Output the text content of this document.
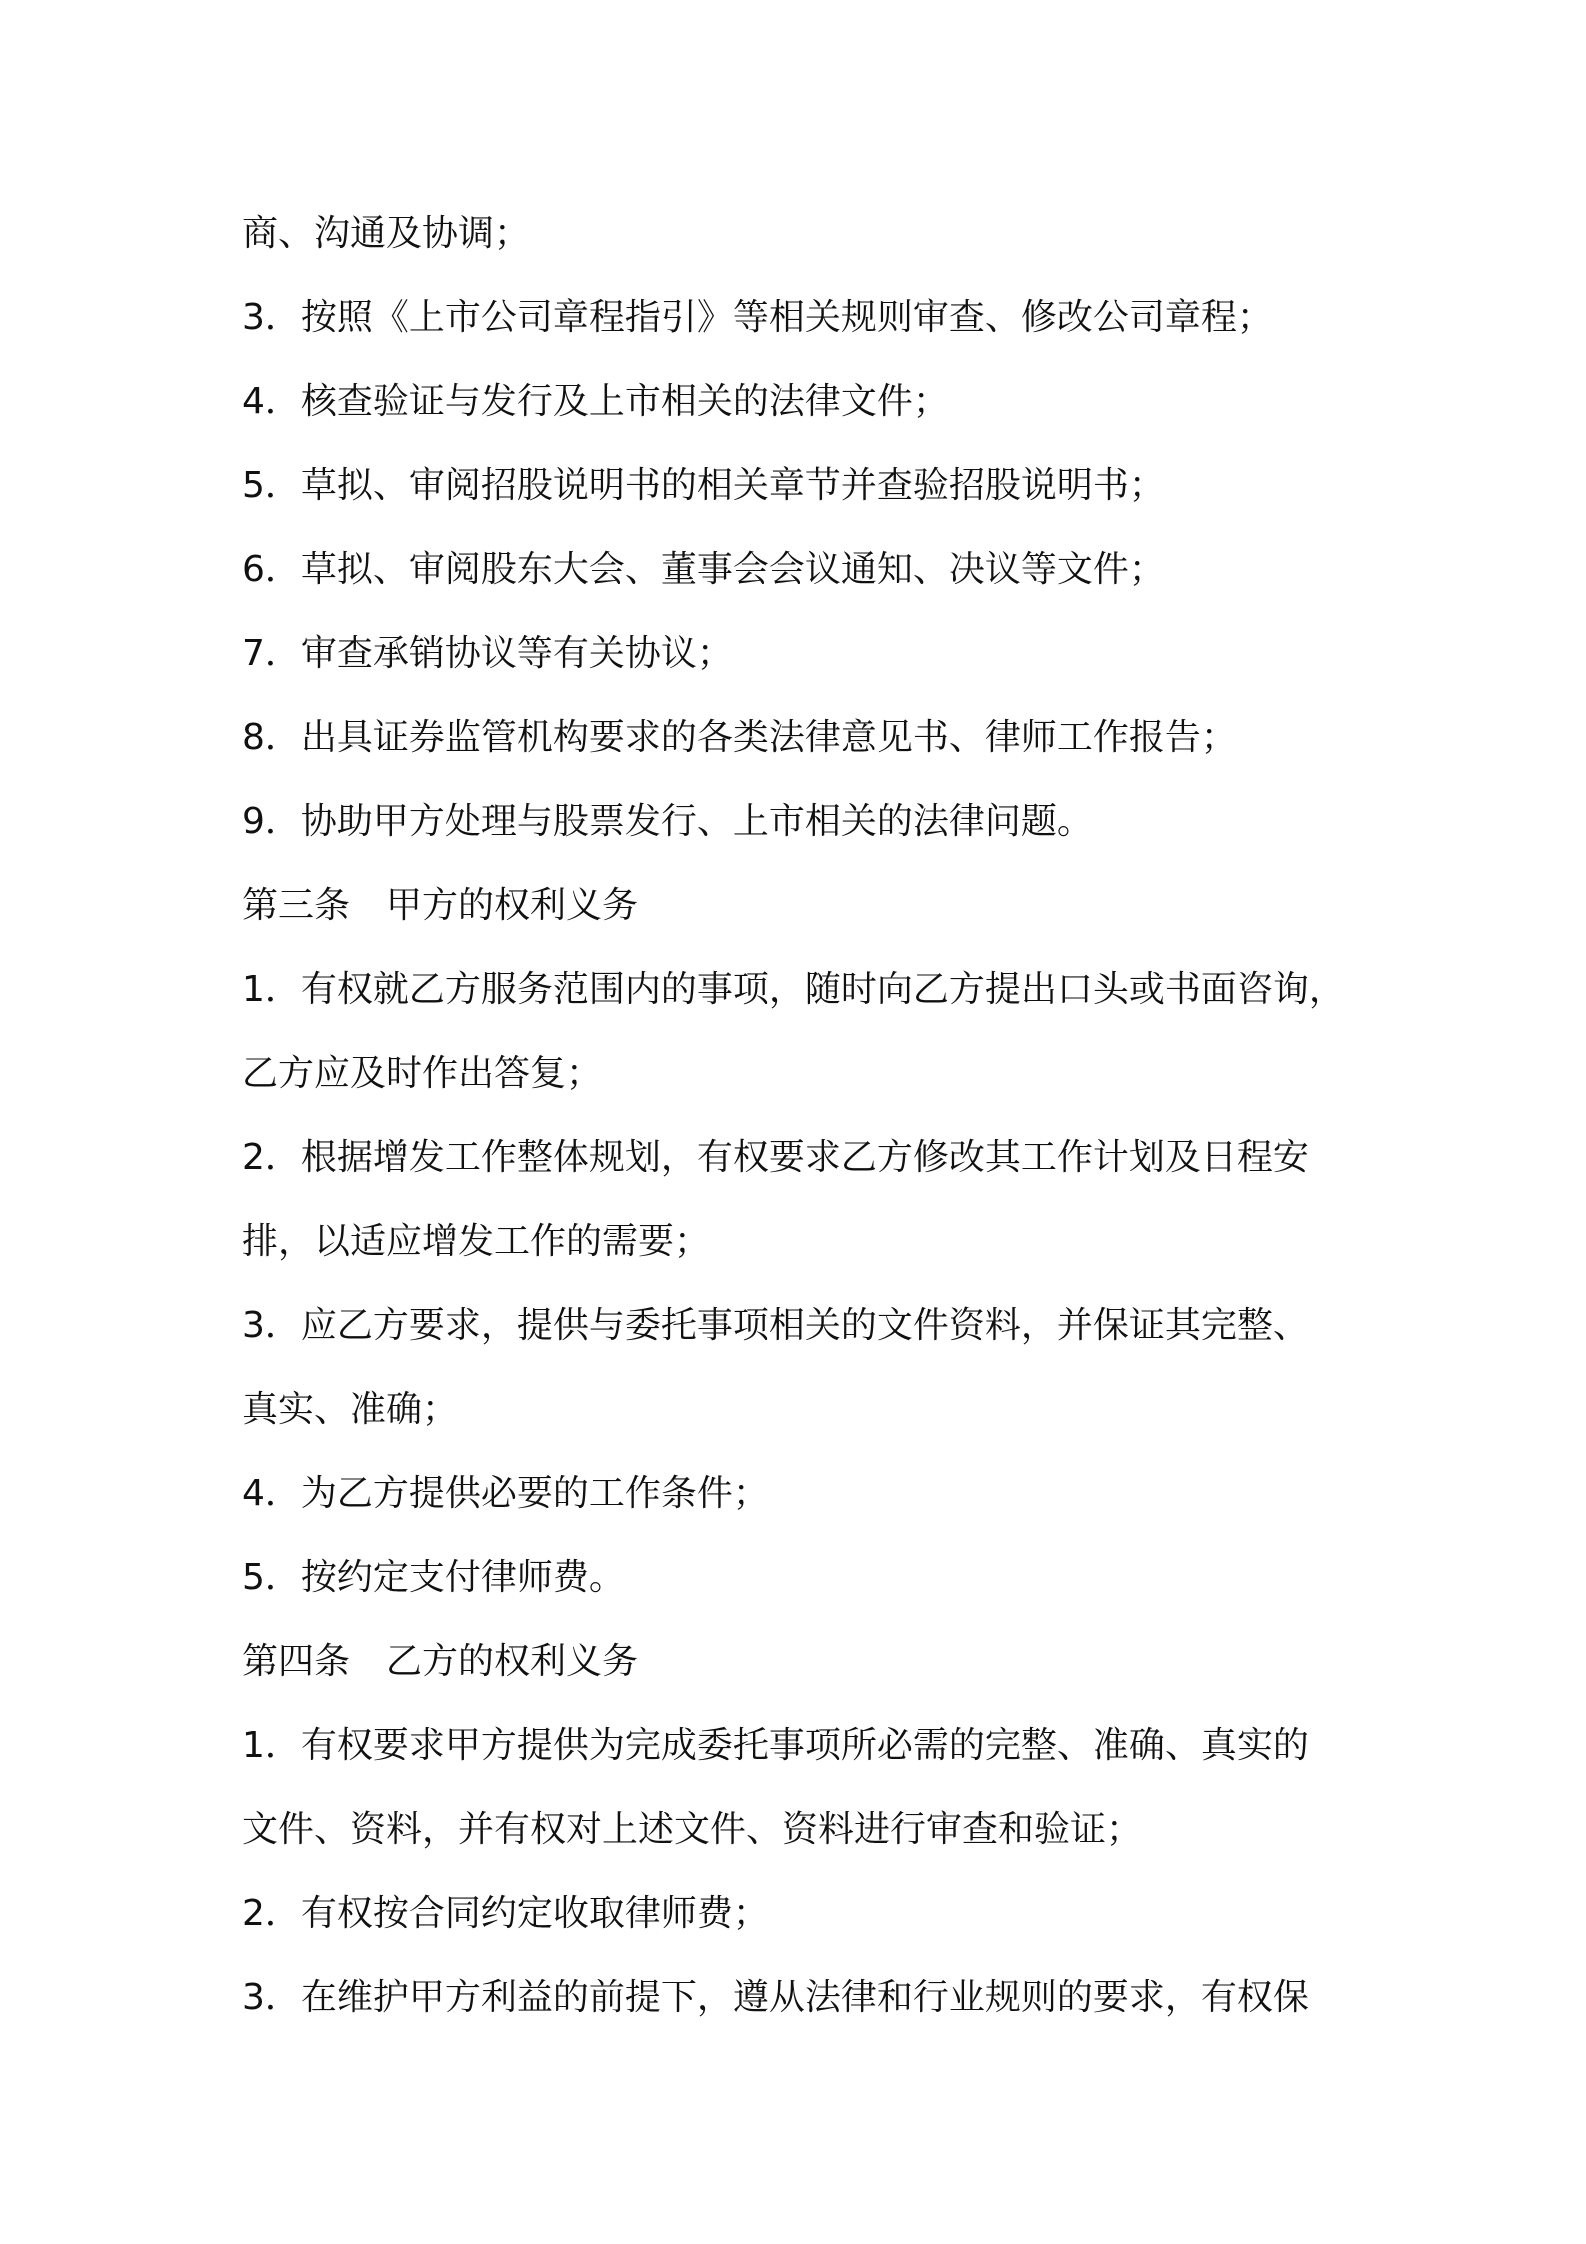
商、沟通及协调；
3．按照《上市公司章程指引》等相关规则审查、修改公司章程；
4．核查验证与发行及上市相关的法律文件；
5．草拟、审阅招股说明书的相关章节并查验招股说明书；
6．草拟、审阅股东大会、董事会会议通知、决议等文件；
7．审查承销协议等有关协议；
8．出具证券监管机构要求的各类法律意见书、律师工作报告；
9．协助甲方处理与股票发行、上市相关的法律问题。
第三条　甲方的权利义务
1．有权就乙方服务范围内的事项，随时向乙方提出口头或书面咨询，
乙方应及时作出答复；
2．根据增发工作整体规划，有权要求乙方修改其工作计划及日程安
排，以适应增发工作的需要；
3．应乙方要求，提供与委托事项相关的文件资料，并保证其完整、
真实、准确；
4．为乙方提供必要的工作条件；
5．按约定支付律师费。
第四条　乙方的权利义务
1．有权要求甲方提供为完成委托事项所必需的完整、准确、真实的
文件、资料，并有权对上述文件、资料进行审查和验证；
2．有权按合同约定收取律师费；
3．在维护甲方利益的前提下，遵从法律和行业规则的要求，有权保
